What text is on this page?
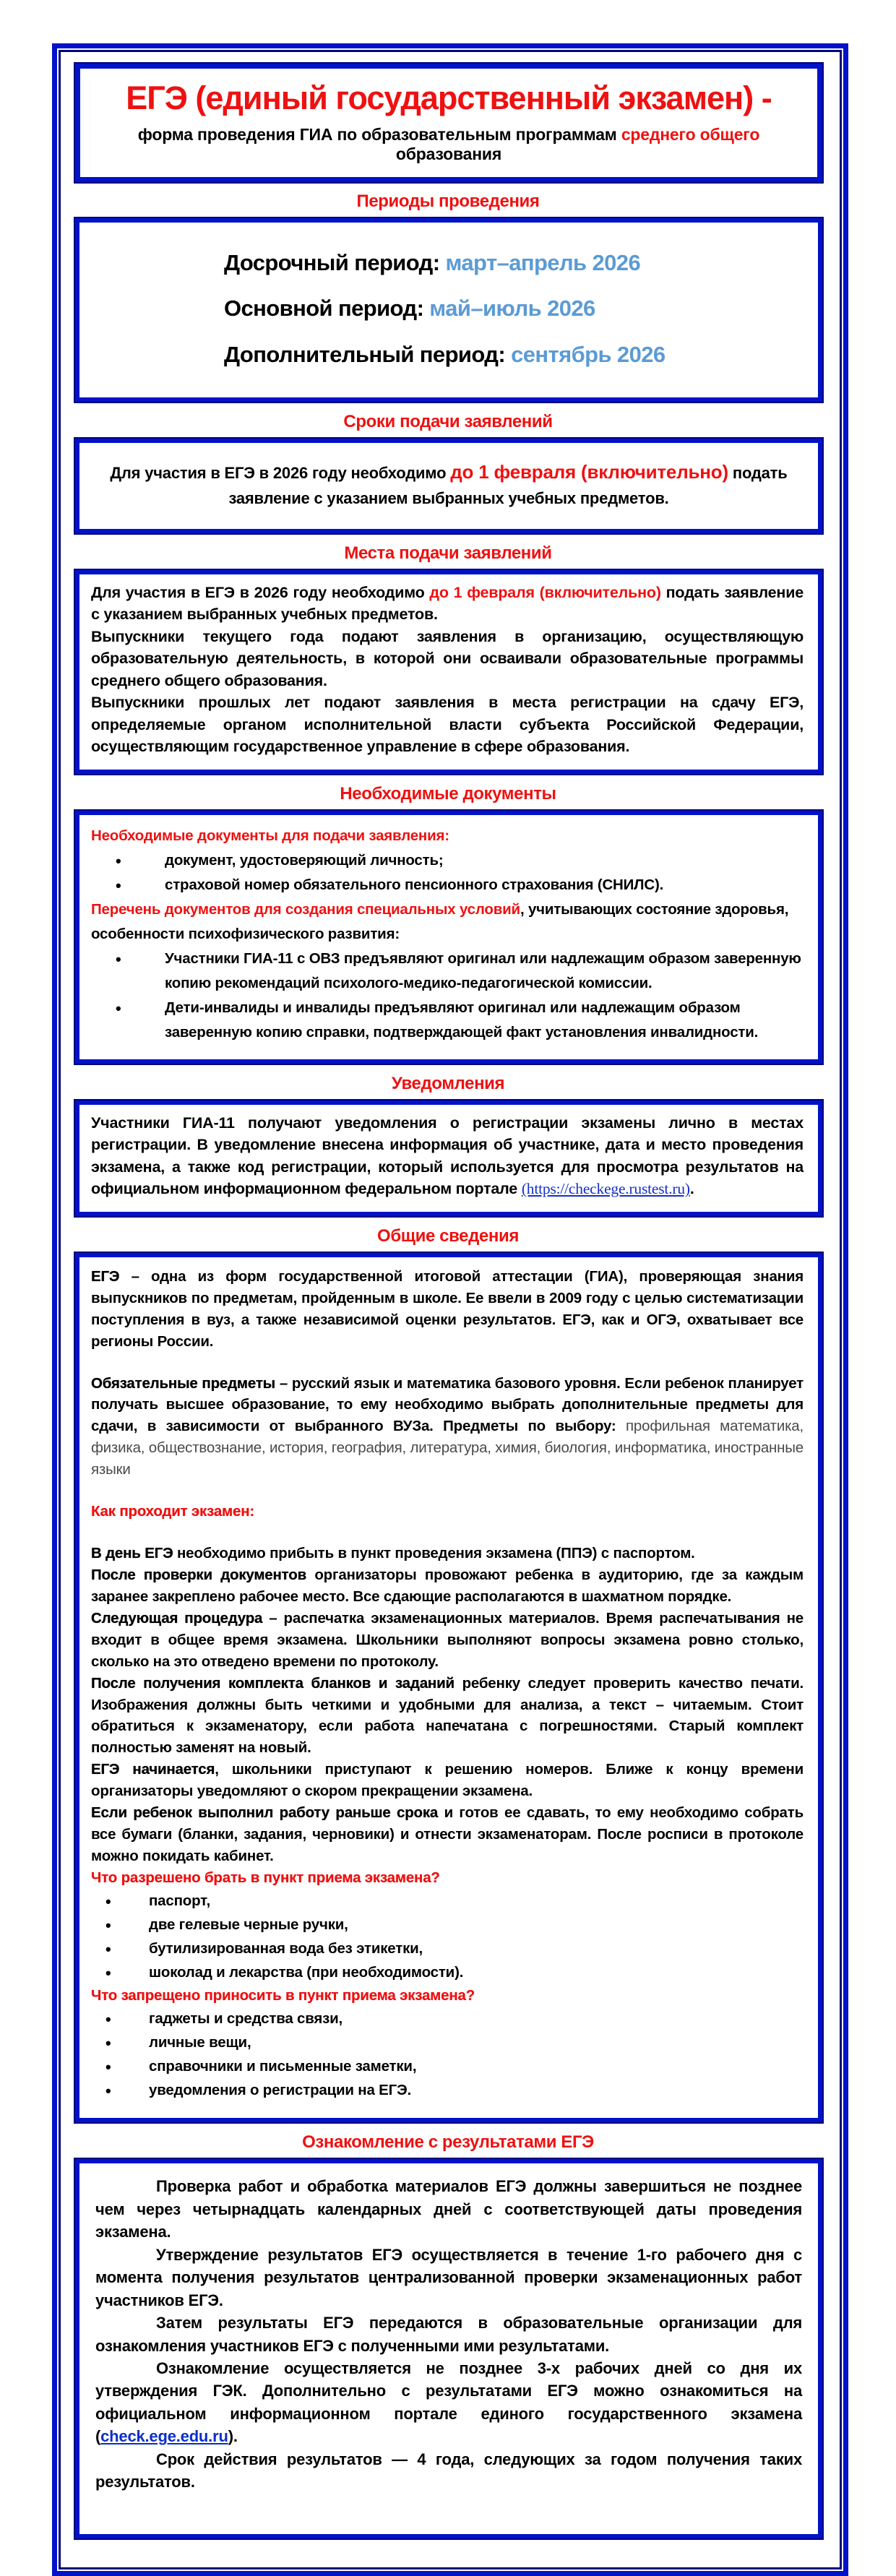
ЕГЭ (единый государственный экзамен) -
форма проведения ГИА по образовательным программам среднего общего образования
Периоды проведения
Досрочный период: март–апрель 2026
Основной период: май–июль 2026
Дополнительный период: сентябрь 2026
Сроки подачи заявлений
Для участия в ЕГЭ в 2026 году необходимо до 1 февраля (включительно) подать заявление с указанием выбранных учебных предметов.
Места подачи заявлений
Для участия в ЕГЭ в 2026 году необходимо до 1 февраля (включительно) подать заявление с указанием выбранных учебных предметов.
Выпускники текущего года подают заявления в организацию, осуществляющую образовательную деятельность, в которой они осваивали образовательные программы среднего общего образования.
Выпускники прошлых лет подают заявления в места регистрации на сдачу ЕГЭ, определяемые органом исполнительной власти субъекта Российской Федерации, осуществляющим государственное управление в сфере образования.
Необходимые документы
Необходимые документы для подачи заявления:
• документ, удостоверяющий личность;
• страховой номер обязательного пенсионного страхования (СНИЛС).
Перечень документов для создания специальных условий, учитывающих состояние здоровья, особенности психофизического развития:
• Участники ГИА-11 с ОВЗ предъявляют оригинал или надлежащим образом заверенную копию рекомендаций психолого-медико-педагогической комиссии.
• Дети-инвалиды и инвалиды предъявляют оригинал или надлежащим образом заверенную копию справки, подтверждающей факт установления инвалидности.
Уведомления
Участники ГИА-11 получают уведомления о регистрации экзамены лично в местах регистрации. В уведомление внесена информация об участнике, дата и место проведения экзамена, а также код регистрации, который используется для просмотра результатов на официальном информационном федеральном портале (https://checkege.rustest.ru).
Общие сведения

ЕГЭ – одна из форм государственной итоговой аттестации (ГИА), проверяющая знания выпускников по предметам, пройденным в школе. Ее ввели в 2009 году с целью систематизации поступления в вуз, а также независимой оценки результатов. ЕГЭ, как и ОГЭ, охватывает все регионы России.

Обязательные предметы – русский язык и математика базового уровня. Если ребенок планирует получать высшее образование, то ему необходимо выбрать дополнительные предметы для сдачи, в зависимости от выбранного ВУЗа. Предметы по выбору: профильная математика, физика, обществознание, история, география, литература, химия, биология, информатика, иностранные языки

Как проходит экзамен:

В день ЕГЭ необходимо прибыть в пункт проведения экзамена (ППЭ) с паспортом.

После проверки документов организаторы провожают ребенка в аудиторию, где за каждым заранее закреплено рабочее место. Все сдающие располагаются в шахматном порядке.

Следующая процедура – распечатка экзаменационных материалов. Время распечатывания не входит в общее время экзамена. Школьники выполняют вопросы экзамена ровно столько, сколько на это отведено времени по протоколу.

После получения комплекта бланков и заданий ребенку следует проверить качество печати. Изображения должны быть четкими и удобными для анализа, а текст – читаемым. Стоит обратиться к экзаменатору, если работа напечатана с погрешностями. Старый комплект полностью заменят на новый.

ЕГЭ начинается, школьники приступают к решению номеров. Ближе к концу времени организаторы уведомляют о скором прекращении экзамена.

Если ребенок выполнил работу раньше срока и готов ее сдавать, то ему необходимо собрать все бумаги (бланки, задания, черновики) и отнести экзаменаторам. После росписи в протоколе можно покидать кабинет.

Что разрешено брать в пункт приема экзамена?

• паспорт,
• две гелевые черные ручки,
• бутилизированная вода без этикетки,
• шоколад и лекарства (при необходимости).

Что запрещено приносить в пункт приема экзамена?

• гаджеты и средства связи,
• личные вещи,
• справочники и письменные заметки,
• уведомления о регистрации на ЕГЭ.
Ознакомление с результатами ЕГЭ

Проверка работ и обработка материалов ЕГЭ должны завершиться не позднее чем через четырнадцать календарных дней с соответствующей даты проведения экзамена.

Утверждение результатов ЕГЭ осуществляется в течение 1-го рабочего дня с момента получения результатов централизованной проверки экзаменационных работ участников ЕГЭ.

Затем результаты ЕГЭ передаются в образовательные организации для ознакомления участников ЕГЭ с полученными ими результатами.

Ознакомление осуществляется не позднее 3-х рабочих дней со дня их утверждения ГЭК. Дополнительно с результатами ЕГЭ можно ознакомиться на официальном информационном портале единого государственного экзамена (check.ege.edu.ru).

Срок действия результатов — 4 года, следующих за годом получения таких результатов.
